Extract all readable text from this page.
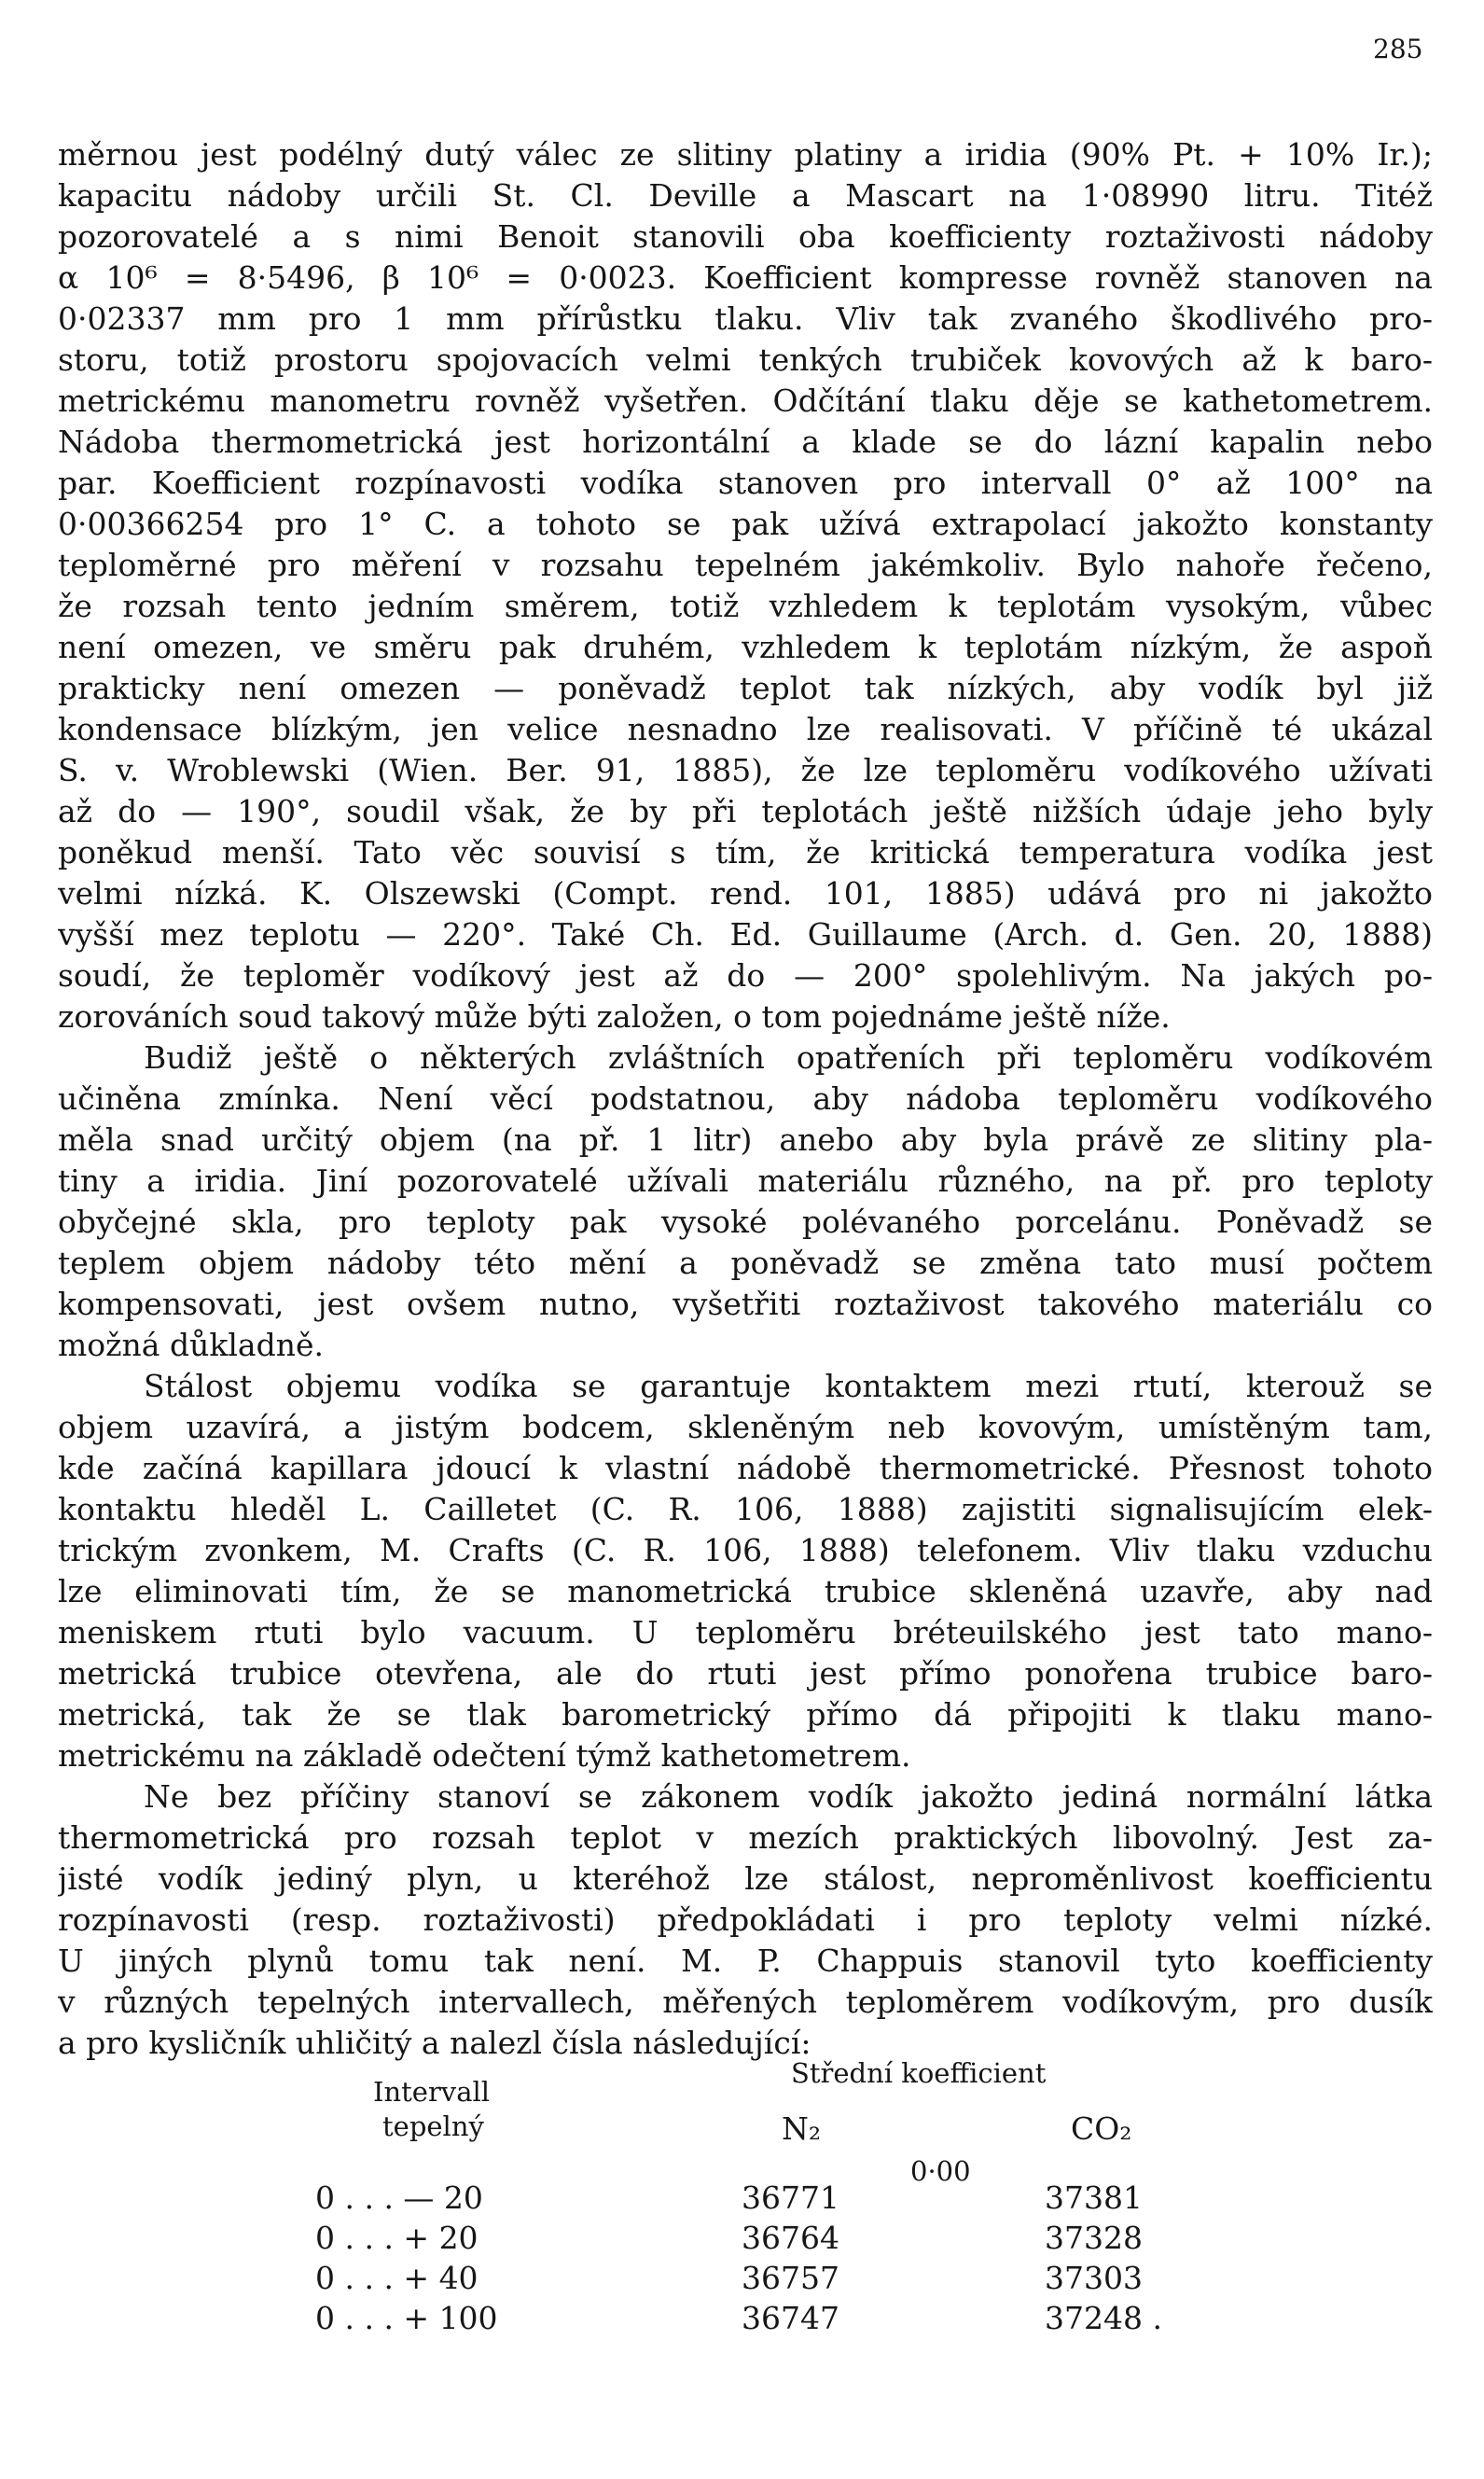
285
měrnou jest podélný dutý válec ze slitiny platiny a iridia (90% Pt. + 10% Ir.);
kapacitu nádoby určili St. Cl. Deville a Mascart na 1·08990 litru. Titéž
pozorovatelé a s nimi Benoit stanovili oba koefficienty roztaživosti nádoby
α 10⁶ = 8·5496, β 10⁶ = 0·0023. Koefficient kompresse rovněž stanoven na
0·02337 mm pro 1 mm přírůstku tlaku. Vliv tak zvaného škodlivého pro-
storu, totiž prostoru spojovacích velmi tenkých trubiček kovových až k baro-
metrickému manometru rovněž vyšetřen. Odčítání tlaku děje se kathetometrem.
Nádoba thermometrická jest horizontální a klade se do lázní kapalin nebo
par. Koefficient rozpínavosti vodíka stanoven pro intervall 0° až 100° na
0·00366254 pro 1° C. a tohoto se pak užívá extrapolací jakožto konstanty
teploměrné pro měření v rozsahu tepelném jakémkoliv. Bylo nahoře řečeno,
že rozsah tento jedním směrem, totiž vzhledem k teplotám vysokým, vůbec
není omezen, ve směru pak druhém, vzhledem k teplotám nízkým, že aspoň
prakticky není omezen — poněvadž teplot tak nízkých, aby vodík byl již
kondensace blízkým, jen velice nesnadno lze realisovati. V příčině té ukázal
S. v. Wroblewski (Wien. Ber. 91, 1885), že lze teploměru vodíkového užívati
až do — 190°, soudil však, že by při teplotách ještě nižších údaje jeho byly
poněkud menší. Tato věc souvisí s tím, že kritická temperatura vodíka jest
velmi nízká. K. Olszewski (Compt. rend. 101, 1885) udává pro ni jakožto
vyšší mez teplotu — 220°. Také Ch. Ed. Guillaume (Arch. d. Gen. 20, 1888)
soudí, že teploměr vodíkový jest až do — 200° spolehlivým. Na jakých po-
zorováních soud takový může býti založen, o tom pojednáme ještě níže.
Budiž ještě o některých zvláštních opatřeních při teploměru vodíkovém
učiněna zmínka. Není věcí podstatnou, aby nádoba teploměru vodíkového
měla snad určitý objem (na př. 1 litr) anebo aby byla právě ze slitiny pla-
tiny a iridia. Jiní pozorovatelé užívali materiálu různého, na př. pro teploty
obyčejné skla, pro teploty pak vysoké polévaného porcelánu. Poněvadž se
teplem objem nádoby této mění a poněvadž se změna tato musí počtem
kompensovati, jest ovšem nutno, vyšetřiti roztaživost takového materiálu co
možná důkladně.
Stálost objemu vodíka se garantuje kontaktem mezi rtutí, kterouž se
objem uzavírá, a jistým bodcem, skleněným neb kovovým, umístěným tam,
kde začíná kapillara jdoucí k vlastní nádobě thermometrické. Přesnost tohoto
kontaktu hleděl L. Cailletet (C. R. 106, 1888) zajistiti signalisujícím elek-
trickým zvonkem, M. Crafts (C. R. 106, 1888) telefonem. Vliv tlaku vzduchu
lze eliminovati tím, že se manometrická trubice skleněná uzavře, aby nad
meniskem rtuti bylo vacuum. U teploměru bréteuilského jest tato mano-
metrická trubice otevřena, ale do rtuti jest přímo ponořena trubice baro-
metrická, tak že se tlak barometrický přímo dá připojiti k tlaku mano-
metrickému na základě odečtení týmž kathetometrem.
Ne bez příčiny stanoví se zákonem vodík jakožto jediná normální látka
thermometrická pro rozsah teplot v mezích praktických libovolný. Jest za-
jisté vodík jediný plyn, u kteréhož lze stálost, neproměnlivost koefficientu
rozpínavosti (resp. roztaživosti) předpokládati i pro teploty velmi nízké.
U jiných plynů tomu tak není. M. P. Chappuis stanovil tyto koefficienty
v různých tepelných intervallech, měřených teploměrem vodíkovým, pro dusík
a pro kysličník uhličitý a nalezl čísla následující:
Střední koefficient
Intervall
tepelný	N₂	CO₂
0·00
0 . . . — 20	36771	37381
0 . . . + 20	36764	37328
0 . . . + 40	36757	37303
0 . . . + 100	36747	37248 .
